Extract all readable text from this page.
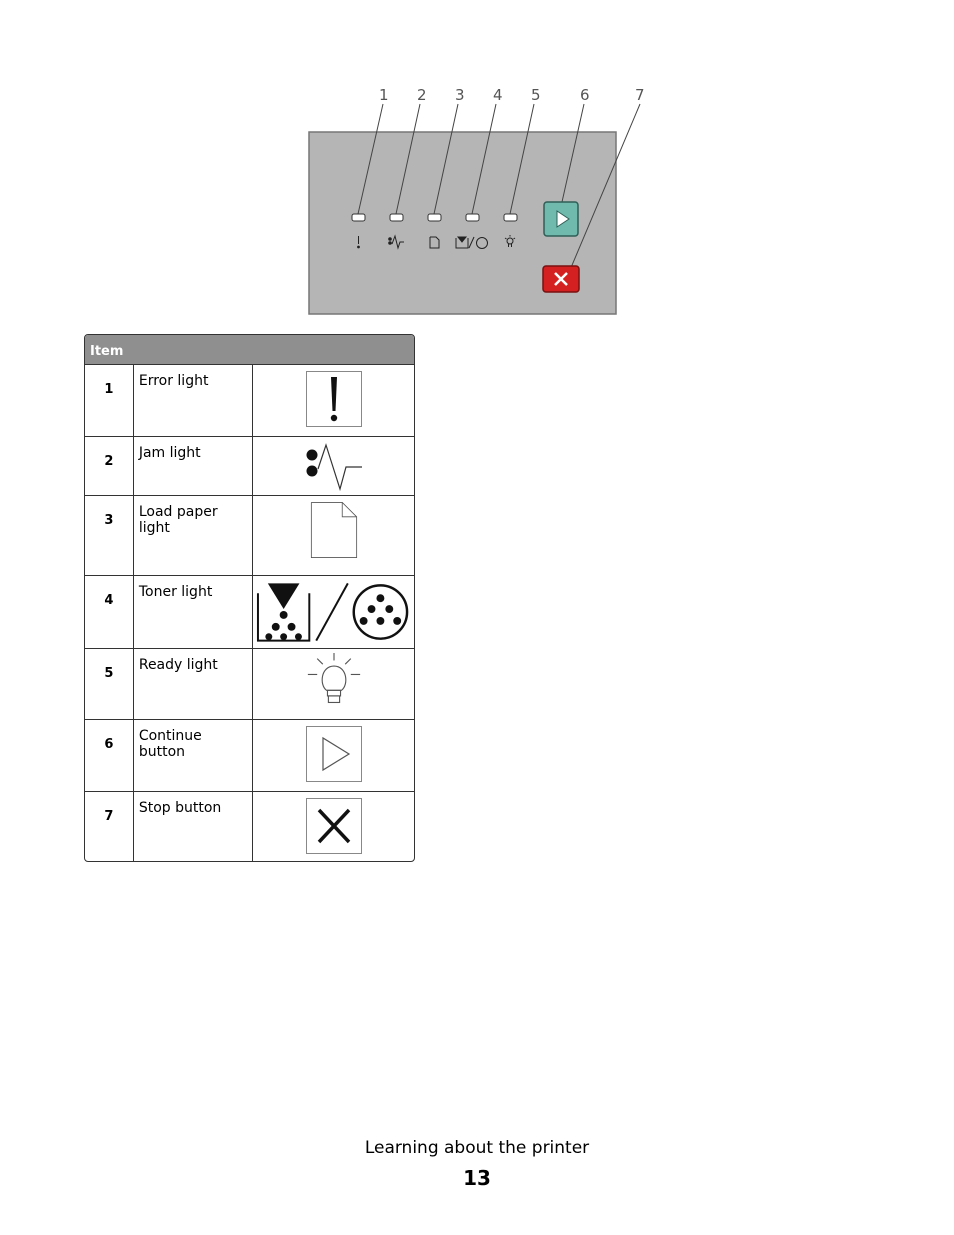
1 2 3 4 5	6	7
Item		
1	Error light

2	Jam light

3	Load paper light

4	Toner light

5	Ready light

6	Continue button

7	Stop button

Learning about the printer
13
